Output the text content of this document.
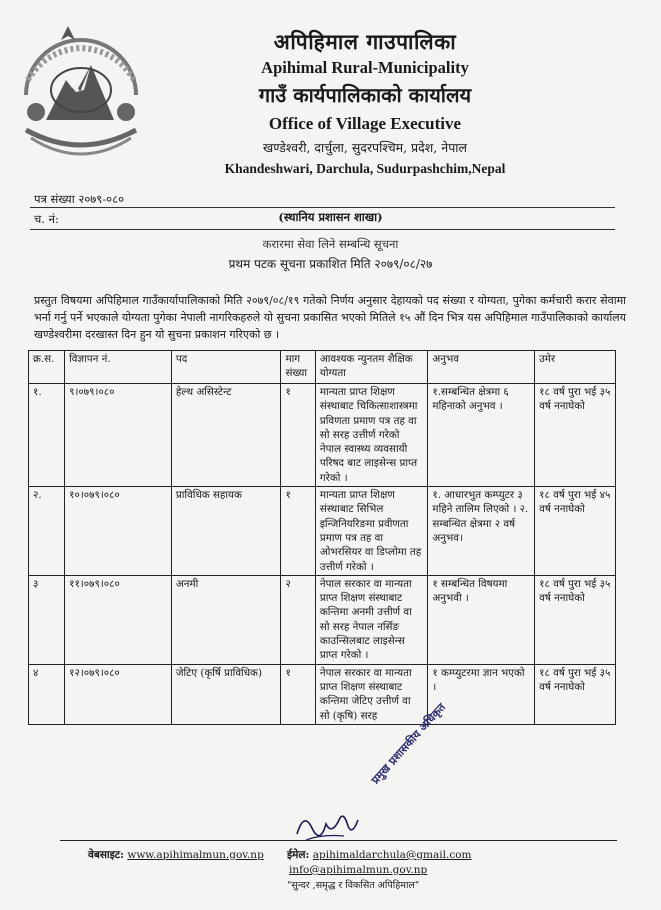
अपिहिमाल गाउपालिका
Apihimal Rural-Municipality
गाउँ कार्यपालिकाको कार्यालय
Office of Village Executive
खण्डेश्वरी, दार्चुला, सुदरपश्चिम, प्रदेश, नेपाल
Khandeshwari, Darchula, Sudurpashchim,Nepal
पत्र संख्या २०७९-०८०
च. नं:	(स्थानिय प्रशासन शाखा)
करारमा सेवा लिने सम्बन्धि सूचना
प्रथम पटक सूचना प्रकाशित मिति २०७९/०८/२७
प्रस्तुत विषयमा अपिहिमाल गाउँकार्यापालिकाको मिति २०७९/०८/१९ गतेको निर्णय अनुसार देहायको पद संख्या र योग्यता, पुगेका कर्मचारी करार सेवामा भर्ना गर्नु पर्ने भएकाले योग्यता पुगेका नेपाली नागरिकहरुले यो सुचना प्रकासित भएको मितिले १५ औं दिन भित्र यस अपिहिमाल गाउँपालिकाको कार्यालय खण्डेश्वरीमा दरखास्त दिन हुन यो सुचना प्रकाशन गरिएको छ ।
क्र.स.	विज्ञापन नं.	पद	माग संख्या	आवश्यक न्युनतम शैक्षिक योग्यता	अनुभव	उमेर
१.	९।०७९।०८०	हेल्थ असिस्टेन्ट	१	मान्यता प्राप्त शिक्षण संस्थाबाट चिकित्साशास्त्रमा प्रविणता प्रमाण पत्र तह वा सो सरह उत्तीर्ण गरेको नेपाल स्वास्थ्य व्यवसायी परिषद बाट लाइसेन्स प्राप्त गरेको ।	१.सम्बन्धित क्षेत्रमा ६ महिनाको अनुभव ।	१८ वर्ष पुरा भई ३५ वर्ष ननाघेको
२.	१०।०७९।०८०	प्राविधिक सहायक	१	मान्यता प्राप्त शिक्षण संस्थाबाट सिभिल इन्जिनियरिङमा प्रवीणता प्रमाण पत्र तह वा ओभरसियर वा डिप्लोमा तह उत्तीर्ण गरेको ।	१. आधारभुत कम्प्युटर ३ महिने तालिम लिएको । २. सम्बन्धित क्षेत्रमा २ वर्ष अनुभव।	१८ वर्ष पुरा भई ४५ वर्ष ननाघेको
३	११।०७९।०८०	अनमी	२	नेपाल सरकार वा मान्यता प्राप्त शिक्षण संस्थाबाट कन्तिमा अनमी उत्तीर्ण वा सो सरह नेपाल नर्सिङ काउन्सिलबाट लाइसेन्स प्राप्त गरेको ।	१ सम्बन्धित विषयमा अनुभवी ।	१८ वर्ष पुरा भई ३५ वर्ष ननाघेको
४	१२।०७९।०८०	जेटिए (कृर्षि प्राविधिक)	१	नेपाल सरकार वा मान्यता प्राप्त शिक्षण संस्थाबाट कन्तिमा जेटिए उत्तीर्ण वा सो (कृषि) सरह	१ कम्प्युटरमा ज्ञान भएको ।	१८ वर्ष पुरा भई ३५ वर्ष ननाघेको
प्रमुख प्रशासकीय अधिकृत
वेबसाइट: www.apihimalmun.gov.np ईमेल: apihimaldarchula@gmail.com
info@apihimalmun.gov.np
"सुन्दर ,समृद्ध र विकसित अपिहिमाल"
